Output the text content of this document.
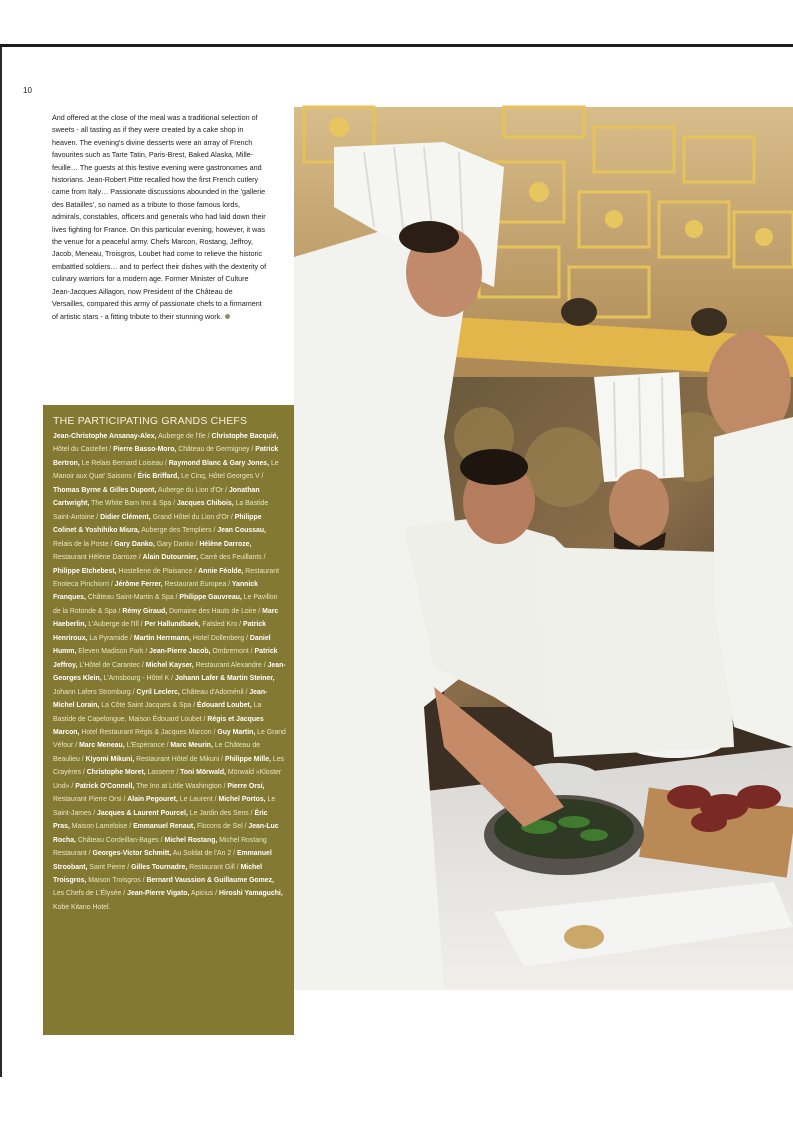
10

And offered at the close of the meal was a traditional selection of sweets - all tasting as if they were created by a cake shop in heaven. The evening's divine desserts were an array of French favourites such as Tarte Tatin, Paris-Brest, Baked Alaska, Mille-feuille… The guests at this festive evening were gastronomes and historians. Jean-Robert Pitte recalled how the first French cutlery came from Italy… Passionate discussions abounded in the 'gallerie des Batailles', so named as a tribute to those famous lords, admirals, constables, officers and generals who had laid down their lives fighting for France. On this particular evening, however, it was the venue for a peaceful army. Chefs Marcon, Rostang, Jeffroy, Jacob, Meneau, Troisgros, Loubet had come to relieve the historic embattled soldiers… and to perfect their dishes with the dexterity of culinary warriors for a modern age. Former Minister of Culture Jean-Jacques Aillagon, now President of the Château de Versailles, compared this army of passionate chefs to a firmament of artistic stars - a fitting tribute to their stunning work.

THE PARTICIPATING GRANDS CHEFS

Jean-Christophe Ansanay-Alex, Auberge de l'Ile / Christophe Bacquié, Hôtel du Castellet / Pierre Basso-Moro, Château de Germigney / Patrick Bertron, Le Relais Bernard Loiseau / Raymond Blanc & Gary Jones, Le Manoir aux Quat' Saisons / Éric Briffard, Le Cinq, Hôtel Georges V / Thomas Byrne & Gilles Dupont, Auberge du Lion d'Or / Jonathan Cartwright, The White Barn Inn & Spa / Jacques Chibois, La Bastide Saint-Antoine / Didier Clément, Grand Hôtel du Lion d'Or / Philippe Colinet & Yoshihiko Miura, Auberge des Templiers / Jean Coussau, Relais de la Poste / Gary Danko, Gary Danko / Hélène Darroze, Restaurant Hélène Darroze / Alain Dutournier, Carré des Feuillants / Philippe Etchebest, Hostellerie de Plaisance / Annie Féolde, Restaurant Enoteca Pinchiorri / Jérôme Ferrer, Restaurant Europea / Yannick Franques, Château Saint-Martin & Spa / Philippe Gauvreau, Le Pavillon de la Rotonde & Spa / Rémy Giraud, Domaine des Hauts de Loire / Marc Haeberlin, L'Auberge de l'Ill / Per Hallundbaek, Falsled Kro / Patrick Henriroux, La Pyramide / Martin Herrmann, Hotel Dollenberg / Daniel Humm, Eleven Madison Park / Jean-Pierre Jacob, Ombremont / Patrick Jeffroy, L'Hôtel de Carantec / Michel Kayser, Restaurant Alexandre / Jean-Georges Klein, L'Arnsbourg - Hôtel K / Johann Lafer & Martin Steiner, Johann Lafers Stromburg / Cyril Leclerc, Château d'Adoménil / Jean-Michel Lorain, La Côte Saint Jacques & Spa / Édouard Loubet, La Bastide de Capelongue, Maison Édouard Loubet / Régis et Jacques Marcon, Hotel Restaurant Régis & Jacques Marcon / Guy Martin, Le Grand Véfour / Marc Meneau, L'Espérance / Marc Meurin, Le Château de Beaulieu / Kiyomi Mikuni, Restaurant Hôtel de Mikuni / Philippe Mille, Les Crayères / Christophe Moret, Lasserre / Toni Mörwald, Mörwald «Kloster Und» / Patrick O'Connell, The Inn at Little Washington / Pierre Orsi, Restaurant Pierre Orsi / Alain Pegouret, Le Laurent / Michel Portos, Le Saint-James / Jacques & Laurent Pourcel, Le Jardin des Sens / Éric Pras, Maison Lameloise / Emmanuel Renaut, Flocons de Sel / Jean-Luc Rocha, Château Cordeillan-Bages / Michel Rostang, Michel Rostang Restaurant / Georges-Victor Schmitt, Au Soldat de l'An 2 / Emmanuel Stroobant, Saint Pierre / Gilles Tournadre, Restaurant Gill / Michel Troisgros, Maison Troisgros / Bernard Vaussion & Guillaume Gomez, Les Chefs de L'Élysée / Jean-Pierre Vigato, Apicius / Hiroshi Yamaguchi, Kobe Kitano Hotel.

1
